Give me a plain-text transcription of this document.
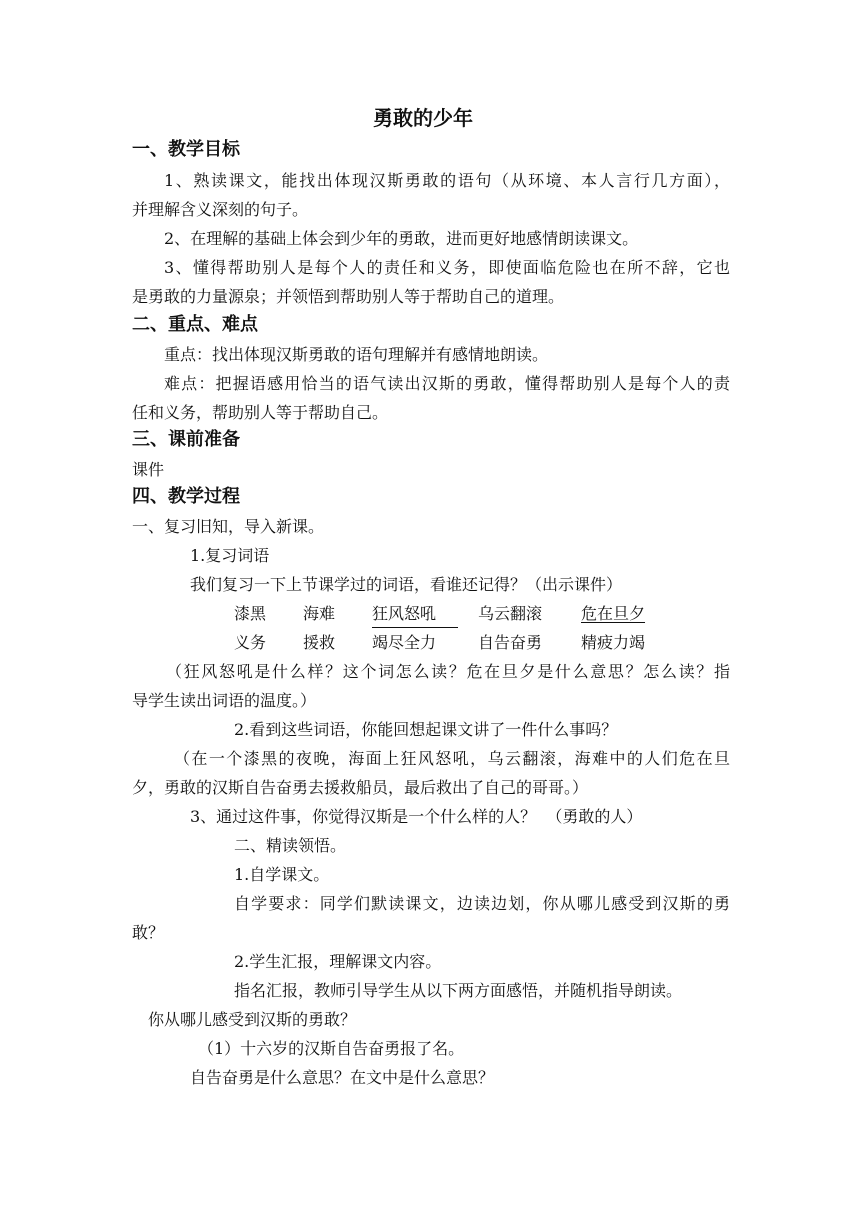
勇敢的少年
一、教学目标
1、熟读课文，能找出体现汉斯勇敢的语句（从环境、本人言行几方面），
并理解含义深刻的句子。
2、在理解的基础上体会到少年的勇敢，进而更好地感情朗读课文。
3、懂得帮助别人是每个人的责任和义务，即使面临危险也在所不辞，它也
是勇敢的力量源泉；并领悟到帮助别人等于帮助自己的道理。
二、重点、难点
重点：找出体现汉斯勇敢的语句理解并有感情地朗读。
难点：把握语感用恰当的语气读出汉斯的勇敢，懂得帮助别人是每个人的责
任和义务，帮助别人等于帮助自己。
三、课前准备
课件
四、教学过程
一、复习旧知，导入新课。
1.复习词语
我们复习一下上节课学过的词语，看谁还记得？（出示课件）
漆黑 海难 狂风怒吼	乌云翻滚 危在旦夕
义务 援救 竭尽全力	自告奋勇 精疲力竭
（狂风怒吼是什么样？这个词怎么读？危在旦夕是什么意思？怎么读？指
导学生读出词语的温度。）
2.看到这些词语，你能回想起课文讲了一件什么事吗？
（在一个漆黑的夜晚，海面上狂风怒吼，乌云翻滚，海难中的人们危在旦
夕，勇敢的汉斯自告奋勇去援救船员，最后救出了自己的哥哥。）
3、通过这件事，你觉得汉斯是一个什么样的人？  （勇敢的人）
二、精读领悟。
1.自学课文。
自学要求：同学们默读课文，边读边划，你从哪儿感受到汉斯的勇
敢？
2.学生汇报，理解课文内容。
指名汇报，教师引导学生从以下两方面感悟，并随机指导朗读。
你从哪儿感受到汉斯的勇敢？
（1）十六岁的汉斯自告奋勇报了名。
自告奋勇是什么意思？在文中是什么意思？
